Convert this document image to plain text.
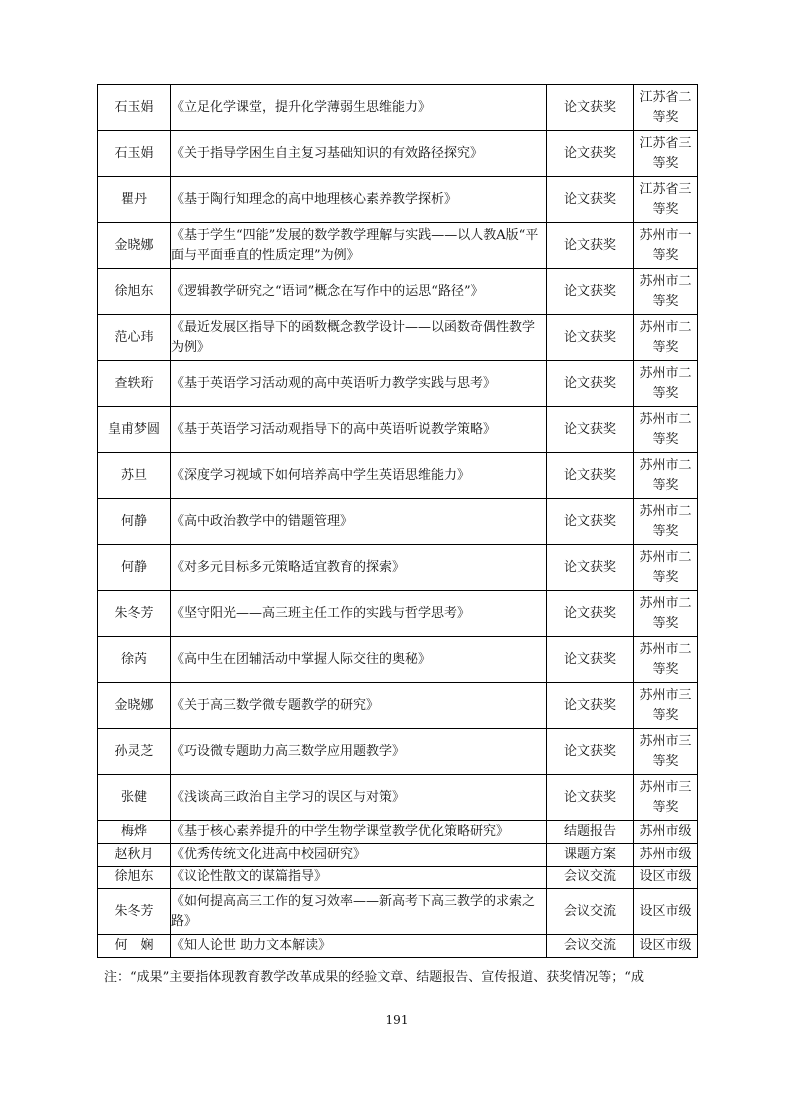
石玉娟	《立足化学课堂，提升化学薄弱生思维能力》	论文获奖	江苏省二等奖
石玉娟	《关于指导学困生自主复习基础知识的有效路径探究》	论文获奖	江苏省三等奖
瞿丹	《基于陶行知理念的高中地理核心素养教学探析》	论文获奖	江苏省三等奖
金晓娜	《基于学生“四能”发展的数学教学理解与实践——以人教A版“平面与平面垂直的性质定理”为例》	论文获奖	苏州市一等奖
徐旭东	《逻辑教学研究之“语词”概念在写作中的运思“路径”》	论文获奖	苏州市二等奖
范心玮	《最近发展区指导下的函数概念教学设计——以函数奇偶性教学为例》	论文获奖	苏州市二等奖
查轶珩	《基于英语学习活动观的高中英语听力教学实践与思考》	论文获奖	苏州市二等奖
皇甫梦圆	《基于英语学习活动观指导下的高中英语听说教学策略》	论文获奖	苏州市二等奖
苏旦	《深度学习视域下如何培养高中学生英语思维能力》	论文获奖	苏州市二等奖
何静	《高中政治教学中的错题管理》	论文获奖	苏州市二等奖
何静	《对多元目标多元策略适宜教育的探索》	论文获奖	苏州市二等奖
朱冬芳	《坚守阳光——高三班主任工作的实践与哲学思考》	论文获奖	苏州市二等奖
徐芮	《高中生在团辅活动中掌握人际交往的奥秘》	论文获奖	苏州市二等奖
金晓娜	《关于高三数学微专题教学的研究》	论文获奖	苏州市三等奖
孙灵芝	《巧设微专题助力高三数学应用题教学》	论文获奖	苏州市三等奖
张健	《浅谈高三政治自主学习的误区与对策》	论文获奖	苏州市三等奖
梅烨	《基于核心素养提升的中学生物学课堂教学优化策略研究》	结题报告	苏州市级
赵秋月	《优秀传统文化进高中校园研究》	课题方案	苏州市级
徐旭东	《议论性散文的谋篇指导》	会议交流	设区市级
朱冬芳	《如何提高高三工作的复习效率——新高考下高三教学的求索之路》	会议交流	设区市级
何　娴	《知人论世 助力文本解读》	会议交流	设区市级
注：“成果”主要指体现教育教学改革成果的经验文章、结题报告、宣传报道、获奖情况等；“成
191
